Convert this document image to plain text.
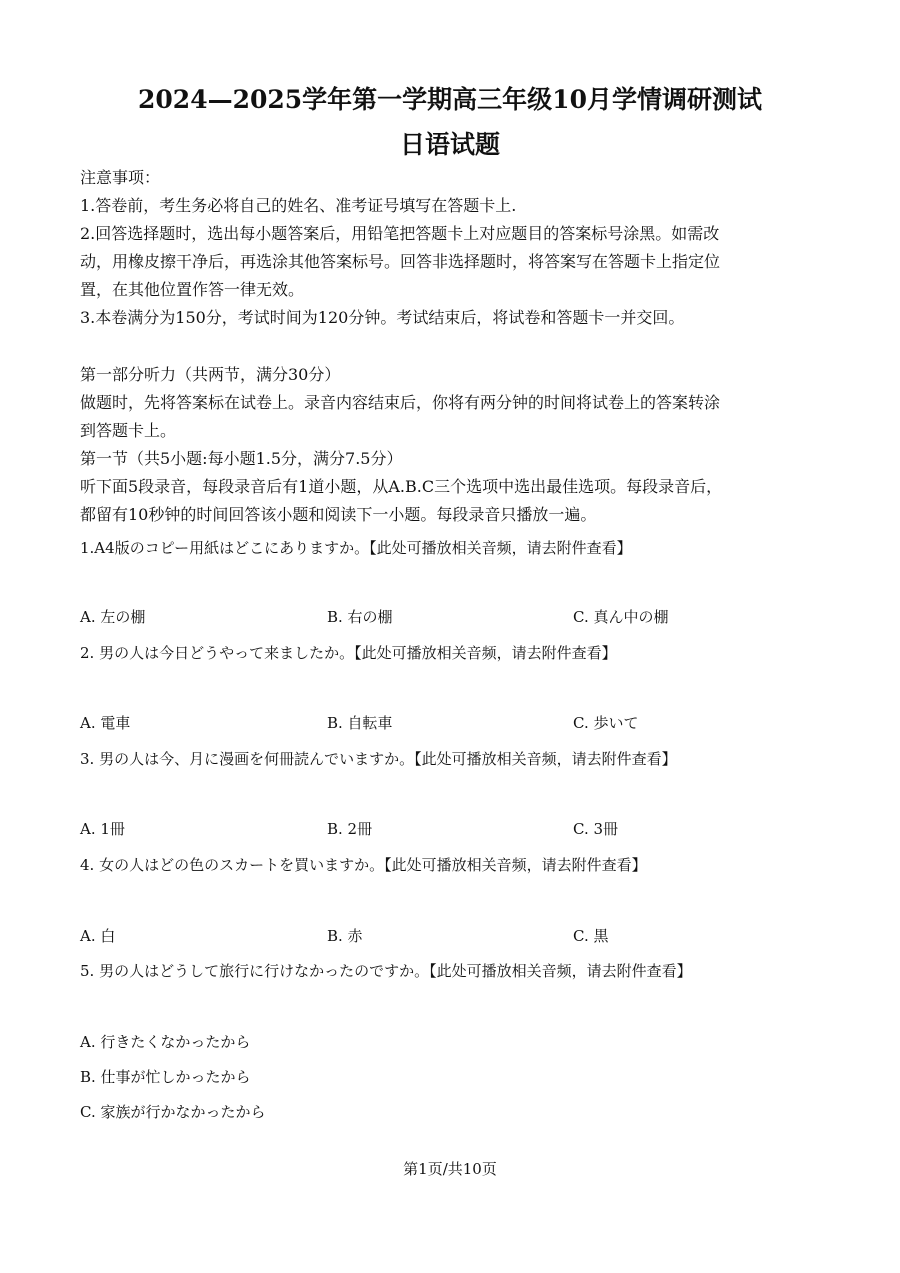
2024—2025学年第一学期高三年级10月学情调研测试
日语试题
注意事项：
1.答卷前，考生务必将自己的姓名、准考证号填写在答题卡上.
2.回答选择题时，选出每小题答案后，用铅笔把答题卡上对应题目的答案标号涂黑。如需改
动，用橡皮擦干净后，再选涂其他答案标号。回答非选择题时，将答案写在答题卡上指定位
置，在其他位置作答一律无效。
3.本卷满分为150分，考试时间为120分钟。考试结束后，将试卷和答题卡一并交回。
第一部分听力（共两节，满分30分）
做题时，先将答案标在试卷上。录音内容结束后，你将有两分钟的时间将试卷上的答案转涂
到答题卡上。
第一节（共5小题:每小题1.5分，满分7.5分）
听下面5段录音，每段录音后有1道小题，从A.B.C三个选项中选出最佳选项。每段录音后，
都留有10秒钟的时间回答该小题和阅读下一小题。每段录音只播放一遍。
1.A4版のコピー用紙はどこにありますか。【此处可播放相关音频，请去附件查看】
A. 左の棚	B. 右の棚	C. 真ん中の棚
2. 男の人は今日どうやって来ましたか。【此处可播放相关音频，请去附件查看】
A. 電車	B. 自転車	C. 歩いて
3. 男の人は今、月に漫画を何冊読んでいますか。【此处可播放相关音频，请去附件查看】
A. 1冊	B. 2冊	C. 3冊
4. 女の人はどの色のスカートを買いますか。【此处可播放相关音频，请去附件查看】
A. 白	B. 赤	C. 黒
5. 男の人はどうして旅行に行けなかったのですか。【此处可播放相关音频，请去附件查看】
A. 行きたくなかったから
B. 仕事が忙しかったから
C. 家族が行かなかったから
第1页/共10页
